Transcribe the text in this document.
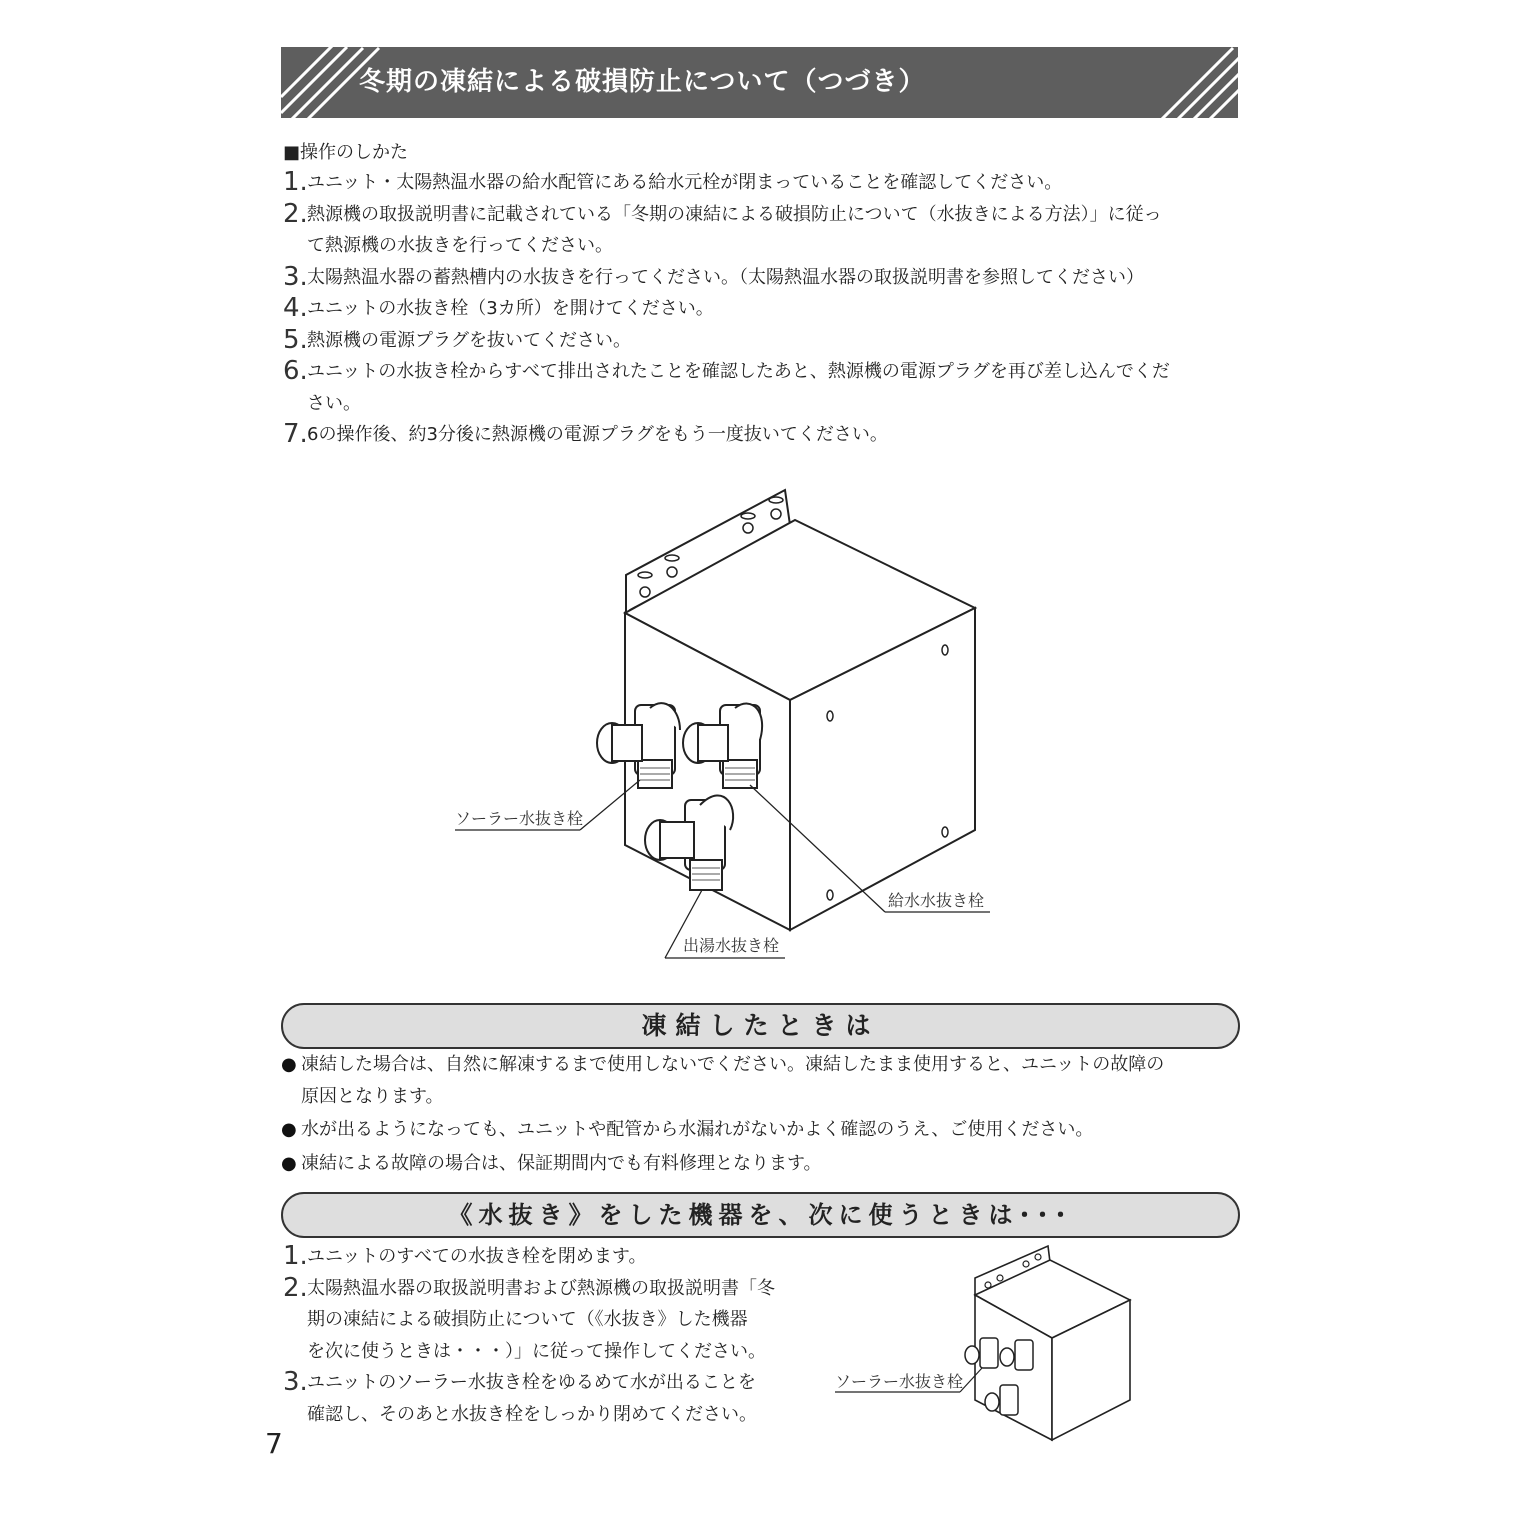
冬期の凍結による破損防止について（つづき）
■操作のしかた
1. ユニット・太陽熱温水器の給水配管にある給水元栓が閉まっていることを確認してください。
2. 熱源機の取扱説明書に記載されている「冬期の凍結による破損防止について（水抜きによる方法）」に従っ
て熱源機の水抜きを行ってください。
3. 太陽熱温水器の蓄熱槽内の水抜きを行ってください。（太陽熱温水器の取扱説明書を参照してください）
4. ユニットの水抜き栓（3カ所）を開けてください。
5. 熱源機の電源プラグを抜いてください。
6. ユニットの水抜き栓からすべて排出されたことを確認したあと、熱源機の電源プラグを再び差し込んでくだ
さい。
7. 6の操作後、約3分後に熱源機の電源プラグをもう一度抜いてください。
ソーラー水抜き栓
給水水抜き栓
出湯水抜き栓
凍結したときは
● 凍結した場合は、自然に解凍するまで使用しないでください。凍結したまま使用すると、ユニットの故障の
原因となります。
● 水が出るようになっても、ユニットや配管から水漏れがないかよく確認のうえ、ご使用ください。
● 凍結による故障の場合は、保証期間内でも有料修理となります。
《水抜き》をした機器を、次に使うときは･･･
1. ユニットのすべての水抜き栓を閉めます。
2. 太陽熱温水器の取扱説明書および熱源機の取扱説明書「冬
期の凍結による破損防止について（《水抜き》した機器
を次に使うときは・・・）」に従って操作してください。
3. ユニットのソーラー水抜き栓をゆるめて水が出ることを
確認し、そのあと水抜き栓をしっかり閉めてください。
ソーラー水抜き栓
7
